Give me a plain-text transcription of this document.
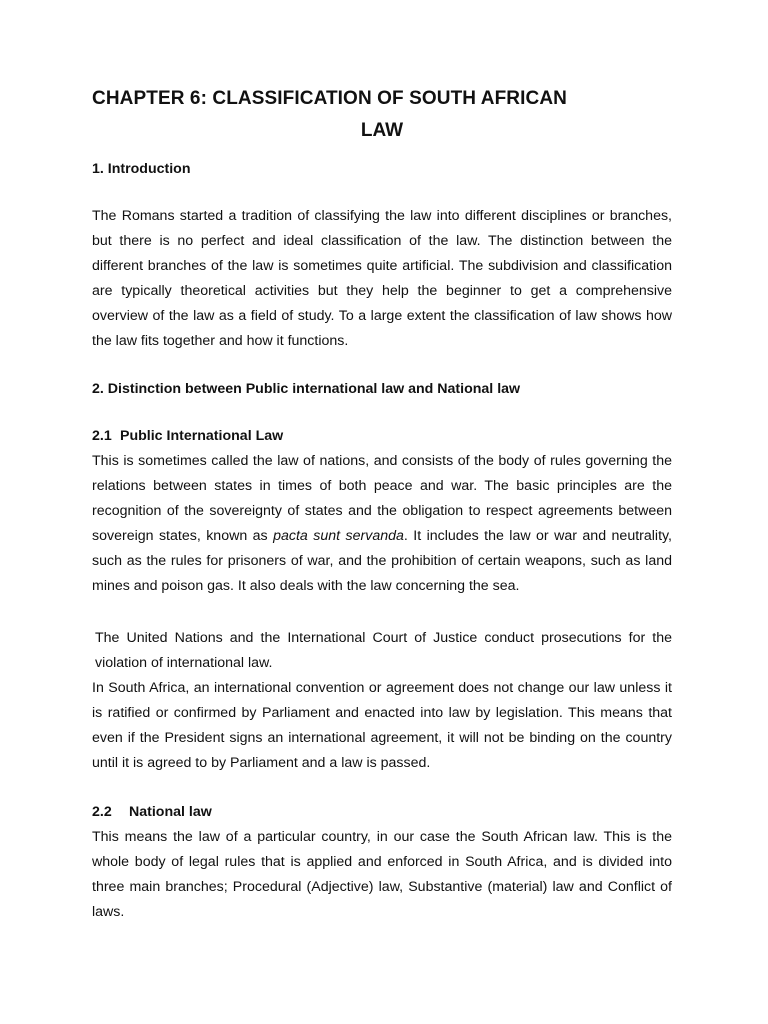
CHAPTER 6: CLASSIFICATION OF SOUTH AFRICAN
LAW
1. Introduction
The Romans started a tradition of classifying the law into different disciplines or branches, but there is no perfect and ideal classification of the law. The distinction between the different branches of the law is sometimes quite artificial. The subdivision and classification are typically theoretical activities but they help the beginner to get a comprehensive overview of the law as a field of study. To a large extent the classification of law shows how the law fits together and how it functions.
2. Distinction between Public international law and National law
2.1 Public International Law
This is sometimes called the law of nations, and consists of the body of rules governing the relations between states in times of both peace and war. The basic principles are the recognition of the sovereignty of states and the obligation to respect agreements between sovereign states, known as pacta sunt servanda. It includes the law or war and neutrality, such as the rules for prisoners of war, and the prohibition of certain weapons, such as land mines and poison gas. It also deals with the law concerning the sea.
The United Nations and the International Court of Justice conduct prosecutions for the violation of international law.
In South Africa, an international convention or agreement does not change our law unless it is ratified or confirmed by Parliament and enacted into law by legislation. This means that even if the President signs an international agreement, it will not be binding on the country until it is agreed to by Parliament and a law is passed.
2.2 National law
This means the law of a particular country, in our case the South African law. This is the whole body of legal rules that is applied and enforced in South Africa, and is divided into three main branches; Procedural (Adjective) law, Substantive (material) law and Conflict of laws.
